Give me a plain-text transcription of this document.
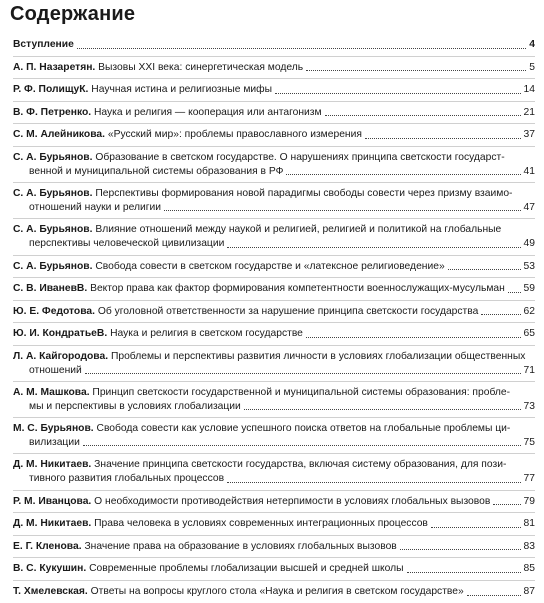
Содержание
Вступление	4
А. П. Назаретян. Вызовы XXI века: синергетическая модель	5
Р. Ф. ПолищуК. Научная истина и религиозные мифы	14
В. Ф. Петренко. Наука и религия — кооперация или антагонизм	21
С. М. Алейникова. «Русский мир»: проблемы православного измерения	37
С. А. Бурьянов. Образование в светском государстве. О нарушениях принципа светскости государст-
венной и муниципальной системы образования в РФ	41
С. А. Бурьянов. Перспективы формирования новой парадигмы свободы совести через призму взаимо-
отношений науки и религии	47
С. А. Бурьянов. Влияние отношений между наукой и религией, религией и политикой на глобальные
перспективы человеческой цивилизации	49
С. А. Бурьянов. Свобода совести в светском государстве и «латексное религиоведение»	53
С. В. ИваневВ. Вектор права как фактор формирования компетентности военнослужащих-мусульман 59
Ю. Е. Федотова. Об уголовной ответственности за нарушение принципа светскости государства	62
Ю. И. КондратьеВ. Наука и религия в светском государстве	65
Л. А. Кайгородова. Проблемы и перспективы развития личности в условиях глобализации общественных
отношений	71
А. М. Машкова. Принцип светскости государственной и муниципальной системы образования: пробле-
мы и перспективы в условиях глобализации	73
М. С. Бурьянов. Свобода совести как условие успешного поиска ответов на глобальные проблемы ци-
вилизации	75
Д. М. Никитаев. Значение принципа светскости государства, включая систему образования, для пози-
тивного развития глобальных процессов	77
Р. М. Иванцова. О необходимости противодействия нетерпимости в условиях глобальных вызовов	79
Д. М. Никитаев. Права человека в условиях современных интеграционных процессов	81
Е. Г. Кленова. Значение права на образование в условиях глобальных вызовов	83
В. С. Кукушин. Современные проблемы глобализации высшей и средней школы	85
Т. Хмелевская. Ответы на вопросы круглого стола «Наука и религия в светском государстве»	87
